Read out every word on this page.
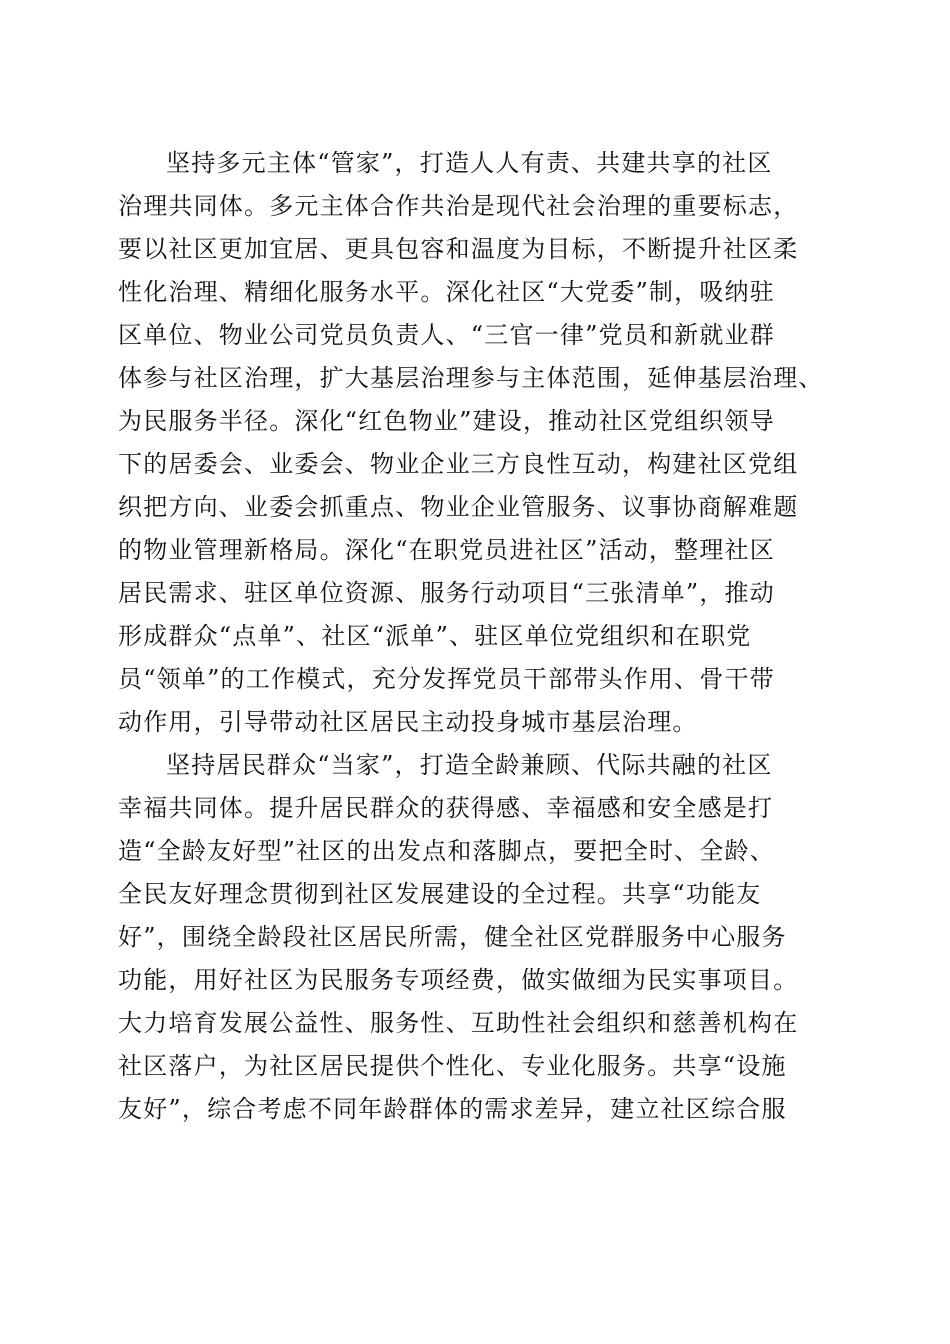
坚持多元主体“管家”，打造人人有责、共建共享的社区
治理共同体。多元主体合作共治是现代社会治理的重要标志，
要以社区更加宜居、更具包容和温度为目标，不断提升社区柔
性化治理、精细化服务水平。深化社区“大党委”制，吸纳驻
区单位、物业公司党员负责人、“三官一律”党员和新就业群
体参与社区治理，扩大基层治理参与主体范围，延伸基层治理、
为民服务半径。深化“红色物业”建设，推动社区党组织领导
下的居委会、业委会、物业企业三方良性互动，构建社区党组
织把方向、业委会抓重点、物业企业管服务、议事协商解难题
的物业管理新格局。深化“在职党员进社区”活动，整理社区
居民需求、驻区单位资源、服务行动项目“三张清单”，推动
形成群众“点单”、社区“派单”、驻区单位党组织和在职党
员“领单”的工作模式，充分发挥党员干部带头作用、骨干带
动作用，引导带动社区居民主动投身城市基层治理。
坚持居民群众“当家”，打造全龄兼顾、代际共融的社区
幸福共同体。提升居民群众的获得感、幸福感和安全感是打
造“全龄友好型”社区的出发点和落脚点，要把全时、全龄、
全民友好理念贯彻到社区发展建设的全过程。共享“功能友
好”，围绕全龄段社区居民所需，健全社区党群服务中心服务
功能，用好社区为民服务专项经费，做实做细为民实事项目。
大力培育发展公益性、服务性、互助性社会组织和慈善机构在
社区落户，为社区居民提供个性化、专业化服务。共享“设施
友好”，综合考虑不同年龄群体的需求差异，建立社区综合服
